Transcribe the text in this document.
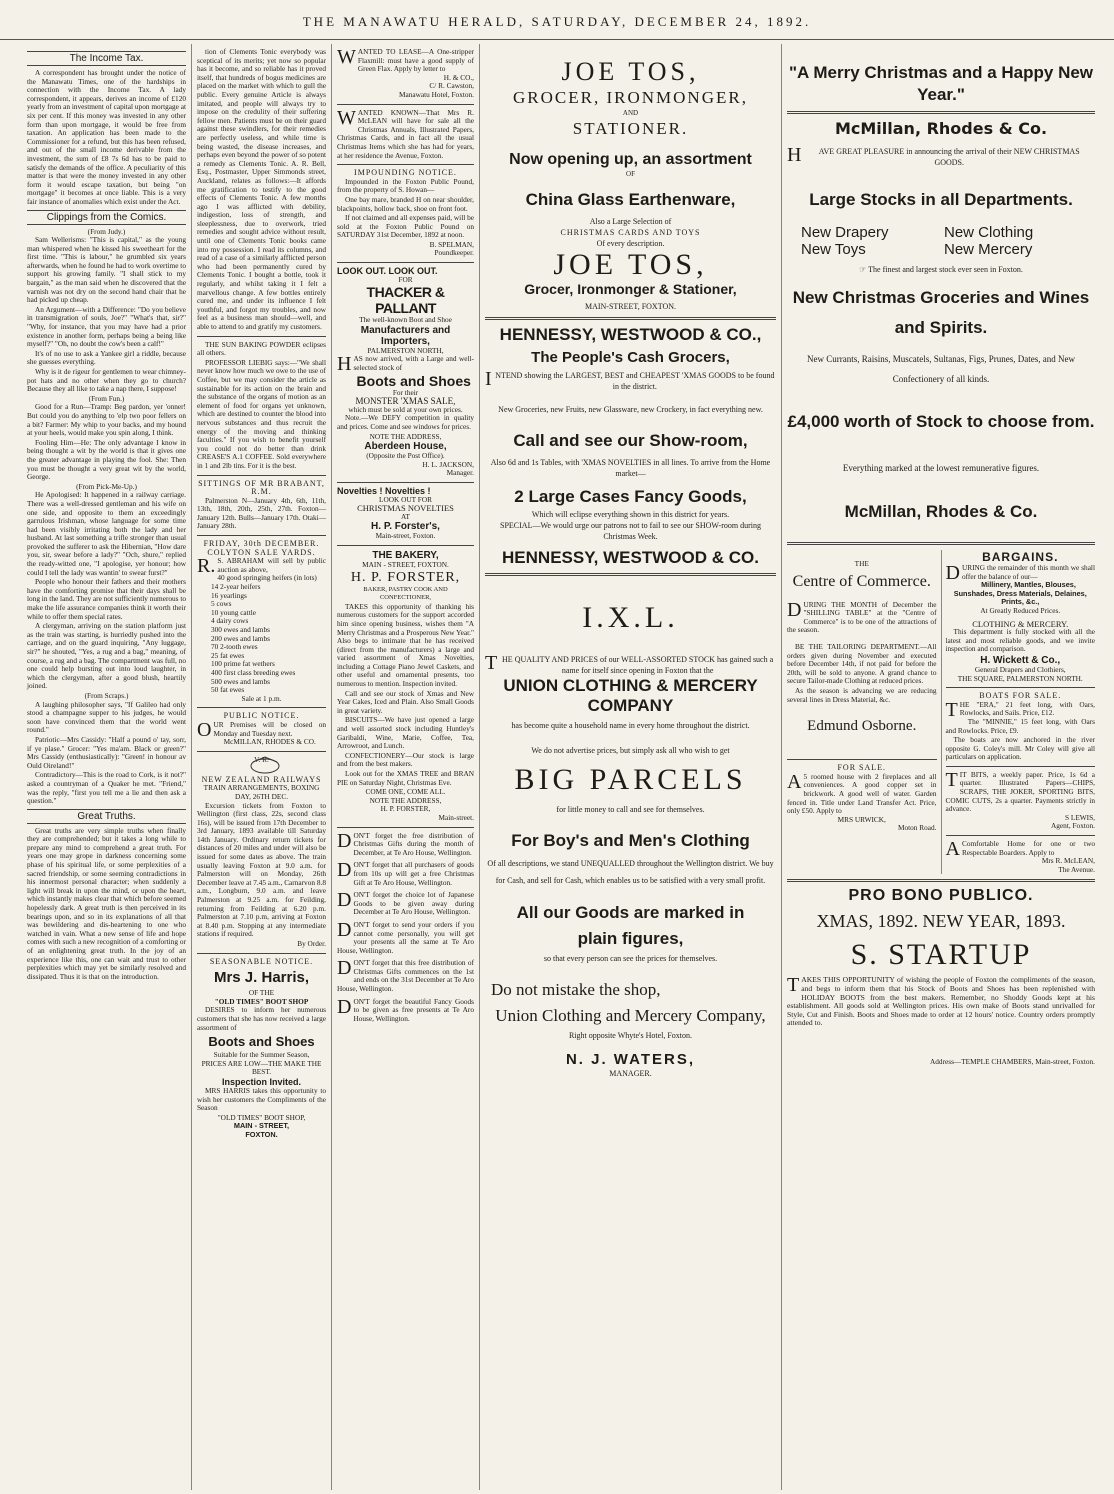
THE MANAWATU HERALD, SATURDAY, DECEMBER 24, 1892.
The Income Tax.

A correspondent has brought under the notice of the Manawatu Times, one of the hardships in connection with the Income Tax. A lady correspondent, it appears, derives an income of £120 yearly from an investment of capital upon mortgage at six per cent. If this money was invested in any other form than upon mortgage, it would be free from taxation. An application has been made to the Commissioner for a refund, but this has been refused, and out of the small income derivable from the investment, the sum of £8 7s 6d has to be paid to satisfy the demands of the office. A peculiarity of this matter is that were the money invested in any other form it would escape taxation, but being "on mortgage" it becomes at once liable. This is a very fair instance of anomalies which exist under the Act.

Clippings from the Comics.
(From Judy.)

Sam Wellerisms: "This is capital," as the young man whispered when he kissed his sweetheart for the first time. "This is labour," he grumbled six years afterwards, when he found he had to work overtime to support his growing family. "I shall stick to my bargain," as the man said when he discovered that the varnish was not dry on the second hand chair that he had picked up cheap.

An Argument—with a Difference: "Do you believe in transmigration of souls, Joe?" "What's that, sir?" "Why, for instance, that you may have had a prior existence in another form, perhaps being a being like myself?" "Oh, no doubt the cow's been a calf!"

It's of no use to ask a Yankee girl a riddle, because she guesses everything.

Why is it de rigeur for gentlemen to wear chimney-pot hats and no other when they go to church? Because they all like to take a nap there, I suppose!

(From Fun.)

Good for a Run—Tramp: Beg pardon, yer 'onner! But could you do anything to 'elp two poor fellers on a bit? Farmer: My whip to your backs, and my hound at your heels, would make you spin along, I think.

Fooling Him—He: The only advantage I know in being thought a wit by the world is that it gives one the greater advantage in playing the fool. She: Then you must be thought a very great wit by the world, George.

(From Pick-Me-Up.)

He Apologised: It happened in a railway carriage. There was a well-dressed gentleman and his wife on one side, and opposite to them an exceedingly garrulous Irishman, whose language for some time had been visibly irritating both the lady and her husband. At last something a trifle stronger than usual provoked the sufferer to ask the Hibernian, "How dare you, sir, swear before a lady?" "Och, shure," replied the ready-witted one, "I apologise, yer honour; how could I tell the lady was wantin' to swear furst?"

People who honour their fathers and their mothers have the comforting promise that their days shall be long in the land. They are not sufficiently numerous to make the life assurance companies think it worth their while to offer them special rates.

A clergyman, arriving on the station platform just as the train was starting, is hurriedly pushed into the carriage, and on the guard inquiring, "Any luggage, sir?" he shouted, "Yes, a rug and a bag," meaning, of course, a rug and a bag. The compartment was full, no one could help bursting out into loud laughter, in which the clergyman, after a good blush, heartily joined.

(From Scraps.)

A laughing philosopher says, "If Galileo had only stood a champagne supper to his judges, he would soon have convinced them that the world went round."

Patriotic—Mrs Cassidy: "Half a pound o' tay, sorr, if ye plase." Grocer: "Yes ma'am. Black or green?" Mrs Cassidy (enthusiastically): "Green! in honour av Ould Oireland!"

Contradictory—This is the road to Cork, is it not?" asked a countryman of a Quaker he met. "Friend," was the reply, "first you tell me a lie and then ask a question."

Great Truths.

Great truths are very simple truths when finally they are comprehended; but it takes a long while to prepare any mind to comprehend a great truth. For years one may grope in darkness concerning some phase of his spiritual life, or some perplexities of a sacred friendship, or some seeming contradictions in his innermost personal character; when suddenly a light will break in upon the mind, or upon the heart, which instantly makes clear that which before seemed hopelessly dark. A great truth is then perceived in its bearings upon, and so in its explanations of all that was bewildering and dis-heartening to one who watched in vain. What a new sense of life and hope comes with such a new recognition of a comforting or of an enlightening great truth. In the joy of an experience like this, one can wait and trust to other perplexities which may yet be similarly resolved and dissipated. Thus it is that on the introduction.

tion of Clements Tonic everybody was sceptical of its merits; yet now so popular has it become, and so reliable has it proved itself, that hundreds of bogus medicines are placed on the market with which to gull the public. Every genuine Article is always imitated, and people will always try to impose on the credulity of their suffering fellow men. Patients must be on their guard against these swindlers, for their remedies are perfectly useless, and while time is being wasted, the disease increases, and perhaps even beyond the power of so potent a remedy as Clements Tonic. A. R. Bell, Esq., Postmaster, Upper Simmonds street, Auckland, relates as follows:—It affords me gratification to testify to the good effects of Clements Tonic. A few months ago I was afflicted with debility, indigestion, loss of strength, and sleeplessness, due to overwork, tried remedies and sought advice without result, until one of Clements Tonic books came into my possession. I read its columns, and read of a case of a similarly afflicted person who had been permanently cured by Clements Tonic. I bought a bottle, took it regularly, and whilst taking it I felt a marvellous change. A few bottles entirely cured me, and under its influence I felt youthful, and forgot my troubles, and now feel as a business man should—well, and able to attend to and gratify my customers.

THE SUN BAKING POWDER eclipses all others.

PROFESSOR LIEBIG says:—"We shall never know how much we owe to the use of Coffee, but we may consider the article as sustainable for its action on the brain and the substance of the organs of motion as an element of food for organs yet unknown, which are destined to counter the blood into nervous substances and thus recruit the energy of the moving and thinking faculties." If you wish to benefit yourself you could not do better than drink CREASE'S A.1 COFFEE. Sold everywhere in 1 and 2lb tins. For it is the best.

SITTINGS OF MR BRABANT, R.M.

Palmerston N—January 4th, 6th, 11th, 13th, 18th, 20th, 25th, 27th. Foxton—January 12th. Bulls—January 17th. Otaki—January 28th.

FRIDAY, 30th DECEMBER.
COLYTON SALE YARDS.
R.S. ABRAHAM will sell by public auction as above,
40 good springing heifers (in lots)
14 2-year heifers
16 yearlings
5 cows
10 young cattle
4 dairy cows
300 ewes and lambs
200 ewes and lambs
70 2-tooth ewes
25 fat ewes
100 prime fat wethers
400 first class breeding ewes
500 ewes and lambs
50 fat ewes
Sale at 1 p.m.
PUBLIC NOTICE.
OUR Premises will be closed on Monday and Tuesday next.
McMILLAN, RHODES & CO.
V. R.
NEW ZEALAND RAILWAYS
TRAIN ARRANGEMENTS, BOXING DAY, 26TH DEC.

Excursion tickets from Foxton to Wellington (first class, 22s, second class 16s), will be issued from 17th December to 3rd January, 1893 available till Saturday 14th January. Ordinary return tickets for distances of 20 miles and under will also be issued for some dates as above. The train usually leaving Foxton at 9.0 a.m. for Palmerston will on Monday, 26th December leave at 7.45 a.m., Carnarvon 8.8 a.m., Longburn, 9.0 a.m. and leave Palmerston at 9.25 a.m. for Feilding, returning from Feilding at 6.20 p.m. Palmerston at 7.10 p.m, arriving at Foxton at 8.40 p.m. Stopping at any intermediate stations if required.

By Order.
SEASONABLE NOTICE.
Mrs J. Harris,
OF THE
"OLD TIMES" BOOT SHOP

DESIRES to inform her numerous customers that she has now received a large assortment of

Boots and Shoes
Suitable for the Summer Season,
PRICES ARE LOW—THE MAKE THE BEST.
Inspection Invited.

MRS HARRIS takes this opportunity to wish her customers the Compliments of the Season

"OLD TIMES" BOOT SHOP,
MAIN - STREET,
FOXTON.
WANTED TO LEASE—A One-stripper Flaxmill: must have a good supply of Green Flax. Apply by letter to
H. & CO.,
C/ R. Cawston,
Manawatu Hotel, Foxton.
WANTED KNOWN—That Mrs R. McLEAN will have for sale all the Christmas Annuals, Illustrated Papers, Christmas Cards, and in fact all the usual Christmas Items which she has had for years, at her residence the Avenue, Foxton.
IMPOUNDING NOTICE.

Impounded in the Foxton Public Pound, from the property of S. Howan—

One bay mare, branded H on near shoulder, blackpoints, hollow back, shoe on front foot.

If not claimed and all expenses paid, will be sold at the Foxton Public Pound on SATURDAY 31st December, 1892 at noon.

B. SPELMAN,
Poundkeeper.
LOOK OUT. LOOK OUT.
FOR
THACKER & PALLANT
The well-known Boot and Shoe
Manufacturers and Importers,
PALMERSTON NORTH,
HAS now arrived, with a Large and well-selected stock of
Boots and Shoes
For their
MONSTER 'XMAS SALE,
which must be sold at your own prices.

Note.—We DEFY competition in quality and prices. Come and see windows for prices.

NOTE THE ADDRESS,
Aberdeen House,
(Opposite the Post Office).
H. L. JACKSON,
Manager.
Novelties ! Novelties !
LOOK OUT FOR
CHRISTMAS NOVELTIES
AT
H. P. Forster's,
Main-street, Foxton.
THE BAKERY,
MAIN - STREET, FOXTON.
H. P. FORSTER,
BAKER, PASTRY COOK AND CONFECTIONER,

TAKES this opportunity of thanking his numerous customers for the support accorded him since opening business, wishes them "A Merry Christmas and a Prosperous New Year." Also begs to intimate that he has received (direct from the manufacturers) a large and varied assortment of Xmas Novelties, including a Cottage Piano Jewel Caskets, and other useful and ornamental presents, too numerous to mention. Inspection invited.

Call and see our stock of Xmas and New Year Cakes, Iced and Plain. Also Small Goods in great variety.

BISCUITS—We have just opened a large and well assorted stock including Huntley's Garibaldi, Wine, Marie, Coffee, Tea, Arrowroot, and Lunch.

CONFECTIONERY—Our stock is large and from the best makers.

Look out for the XMAS TREE and BRAN PIE on Saturday Night, Christmas Eve.

COME ONE, COME ALL.
NOTE THE ADDRESS,
H. P. FORSTER,
Main-street.
DON'T forget the free distribution of Christmas Gifts during the month of December, at Te Aro House, Wellington.
DON'T forget that all purchasers of goods from 10s up will get a free Christmas Gift at Te Aro House, Wellington.
DON'T forget the choice lot of Japanese Goods to be given away during December at Te Aro House, Wellington.
DON'T forget to send your orders if you cannot come personally, you will get your presents all the same at Te Aro House, Wellington.
DON'T forget that this free distribution of Christmas Gifts commences on the 1st and ends on the 31st December at Te Aro House, Wellington.
DON'T forget the beautiful Fancy Goods to be given as free presents at Te Aro House, Wellington.
JOE TOS,
GROCER, IRONMONGER,
AND
STATIONER.
Now opening up, an assortment
OF
China Glass Earthenware,
Also a Large Selection of
CHRISTMAS CARDS AND TOYS
Of every description.
JOE TOS,
Grocer, Ironmonger & Stationer,
MAIN-STREET, FOXTON.
HENNESSY, WESTWOOD & CO.,
The People's Cash Grocers,
INTEND showing the LARGEST, BEST and CHEAPEST 'XMAS GOODS to be found in the district.
New Groceries, new Fruits, new Glassware, new Crockery, in fact everything new.
Call and see our Show-room,
Also 6d and 1s Tables, with 'XMAS NOVELTIES in all lines. To arrive from the Home market—
2 Large Cases Fancy Goods,
Which will eclipse everything shown in this district for years.
SPECIAL—We would urge our patrons not to fail to see our SHOW-room during Christmas Week.
HENNESSY, WESTWOOD & CO.
I.X.L.
THE QUALITY AND PRICES of our WELL-ASSORTED STOCK has gained such a name for itself since opening in Foxton that the
UNION CLOTHING & MERCERY
COMPANY
has become quite a household name in every home throughout the district.
We do not advertise prices, but simply ask all who wish to get
BIG PARCELS
for little money to call and see for themselves.
For Boy's and Men's Clothing
Of all descriptions, we stand UNEQUALLED throughout the Wellington district. We buy for Cash, and sell for Cash, which enables us to be satisfied with a very small profit.
All our Goods are marked in
plain figures,
so that every person can see the prices for themselves.
Do not mistake the shop,
Union Clothing and Mercery Company,
Right opposite Whyte's Hotel, Foxton.
N. J. WATERS,
MANAGER.
"A Merry Christmas and a Happy New Year."
McMillan, Rhodes & Co.
HAVE GREAT PLEASURE in announcing the arrival of their NEW CHRISTMAS GOODS.
Large Stocks in all Departments.
New Drapery
New Toys
New Clothing
New Mercery
☞ The finest and largest stock ever seen in Foxton.
New Christmas Groceries and Wines and Spirits.
New Currants, Raisins, Muscatels, Sultanas, Figs, Prunes, Dates, and New Confectionery of all kinds.
£4,000 worth of Stock to choose from.
Everything marked at the lowest remunerative figures.
McMillan, Rhodes & Co.
THE
Centre of Commerce.
DURING THE MONTH of December the "SHILLING TABLE" at the "Centre of Commerce" is to be one of the attractions of the season.

BE THE TAILORING DEPARTMENT.—All orders given during November and executed before December 14th, if not paid for before the 20th, will be sold to anyone. A grand chance to secure Tailor-made Clothing at reduced prices.

As the season is advancing we are reducing several lines in Dress Material, &c.

Edmund Osborne.
FOR SALE.
A5 roomed house with 2 fireplaces and all conveniences. A good copper set in brickwork. A good well of water. Garden fenced in. Title under Land Transfer Act. Price, only £50. Apply to
MRS URWICK,
Moton Road.
BARGAINS.
DURING the remainder of this month we shall offer the balance of our—
Millinery, Mantles, Blouses, Sunshades, Dress Materials, Delaines, Prints, &c.,
At Greatly Reduced Prices.
CLOTHING & MERCERY.

This department is fully stocked with all the latest and most reliable goods, and we invite inspection and comparison.

H. Wickett & Co.,
General Drapers and Clothiers,
THE SQUARE, PALMERSTON NORTH.
BOATS FOR SALE.
THE "ERA," 21 feet long, with Oars, Rowlocks, and Sails. Price, £12.

The "MINNIE," 15 feet long, with Oars and Rowlocks. Price, £9.

The boats are now anchored in the river opposite G. Coley's mill. Mr Coley will give all particulars on application.

TIT BITS, a weekly paper. Price, 1s 6d a quarter. Illustrated Papers—CHIPS, SCRAPS, THE JOKER, SPORTING BITS, COMIC CUTS, 2s a quarter. Payments strictly in advance.
S LEWIS,
Agent, Foxton.
AComfortable Home for one or two Respectable Boarders. Apply to
Mrs R. McLEAN,
The Avenue.
PRO BONO PUBLICO.
XMAS, 1892. NEW YEAR, 1893.
S. STARTUP
TAKES THIS OPPORTUNITY of wishing the people of Foxton the compliments of the season, and begs to inform them that his Stock of Boots and Shoes has been replenished with HOLIDAY BOOTS from the best makers. Remember, no Shoddy Goods kept at his establishment. All goods sold at Wellington prices. His own make of Boots stand unrivalled for Style, Cut and Finish. Boots and Shoes made to order at 12 hours' notice. Country orders promptly attended to.
Address—TEMPLE CHAMBERS, Main-street, Foxton.
